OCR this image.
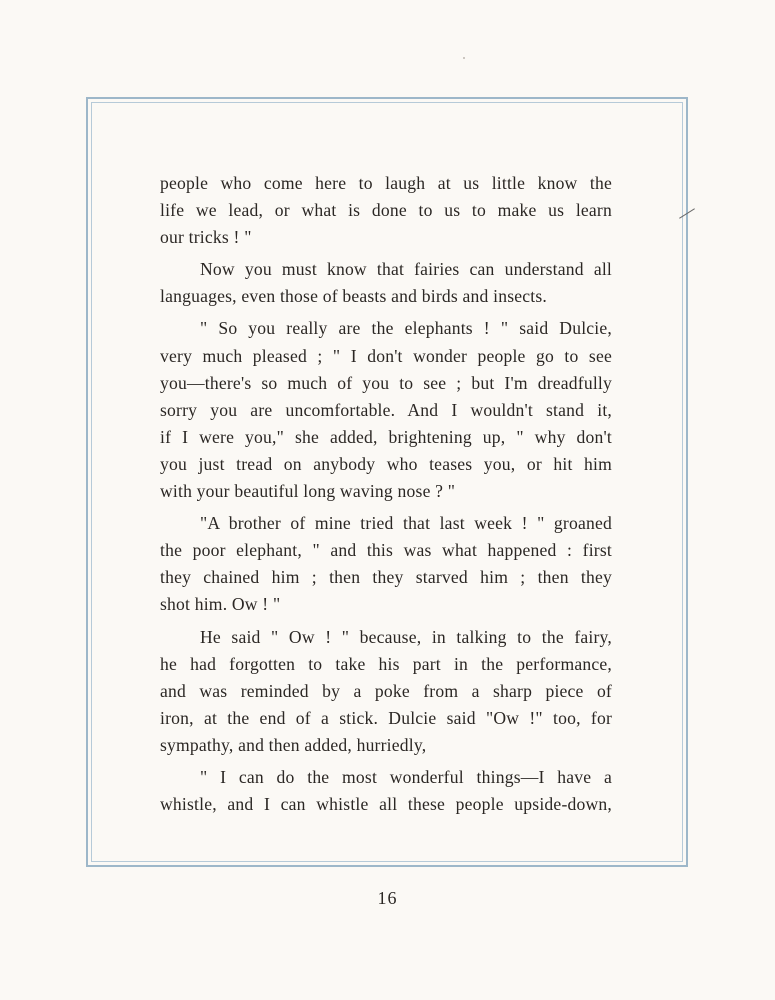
people who come here to laugh at us little know the
life we lead, or what is done to us to make us learn
our tricks ! "
Now you must know that fairies can understand all
languages, even those of beasts and birds and insects.
" So you really are the elephants ! " said Dulcie,
very much pleased ; " I don't wonder people go to see
you—there's so much of you to see ; but I'm dreadfully
sorry you are uncomfortable. And I wouldn't stand it,
if I were you," she added, brightening up, " why don't
you just tread on anybody who teases you, or hit him
with your beautiful long waving nose ? "
"A brother of mine tried that last week ! " groaned
the poor elephant, " and this was what happened : first
they chained him ; then they starved him ; then they
shot him. Ow ! "
He said " Ow ! " because, in talking to the fairy,
he had forgotten to take his part in the performance,
and was reminded by a poke from a sharp piece of
iron, at the end of a stick. Dulcie said "Ow !" too, for
sympathy, and then added, hurriedly,
" I can do the most wonderful things—I have a
whistle, and I can whistle all these people upside-down,
16
